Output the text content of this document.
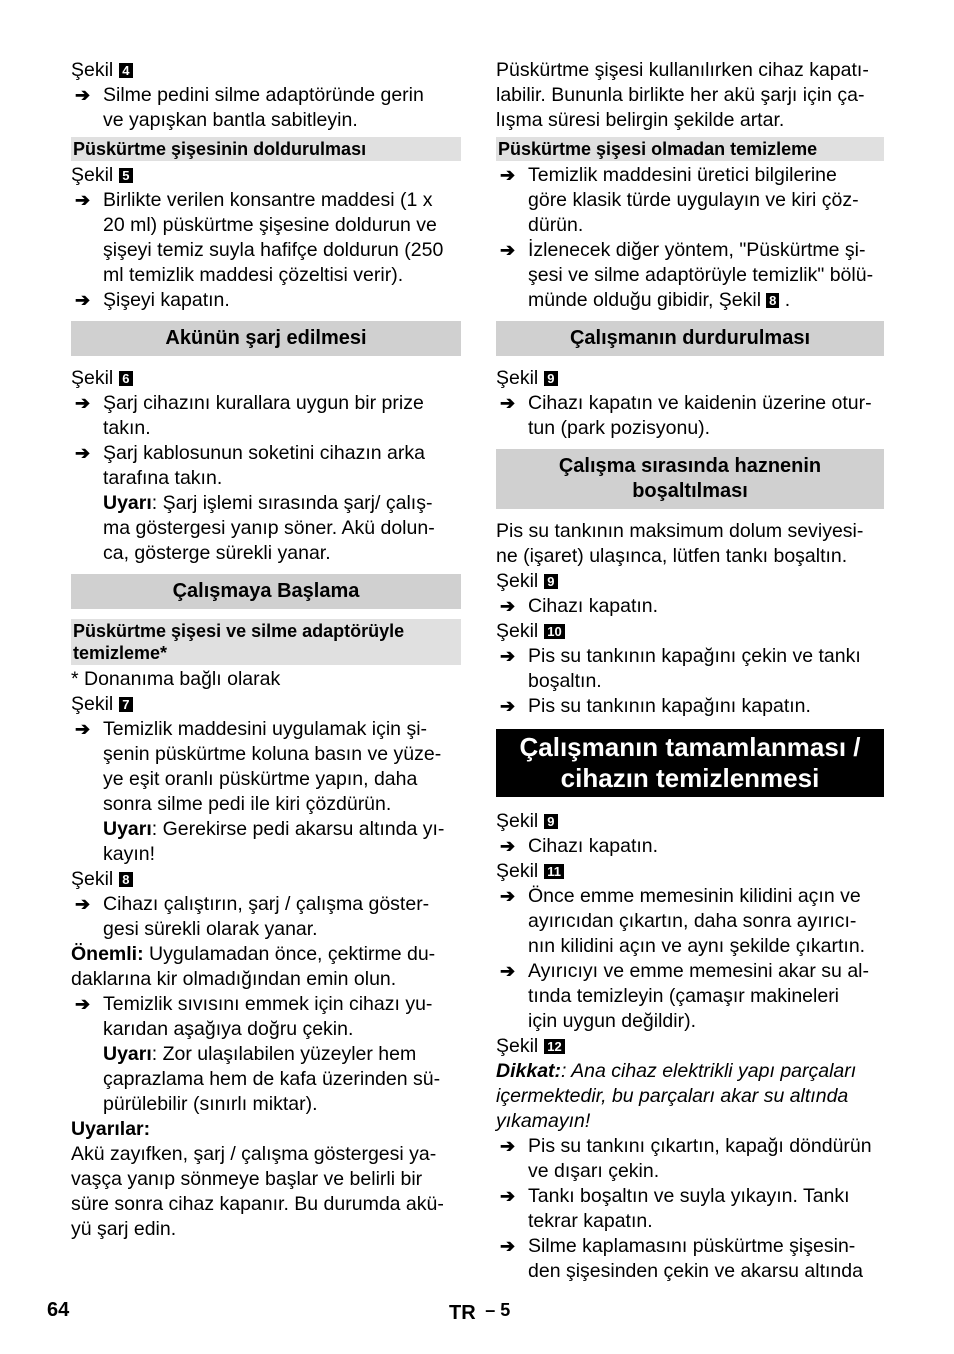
Şekil 4
➔ Silme pedini silme adaptöründe gerin
ve yapışkan bantla sabitleyin.
Püskürtme şişesinin doldurulması
Şekil 5
➔ Birlikte verilen konsantre maddesi (1 x
20 ml) püskürtme şişesine doldurun ve
şişeyi temiz suyla hafifçe doldurun (250
ml temizlik maddesi çözeltisi verir).
➔ Şişeyi kapatın.
Akünün şarj edilmesi
Şekil 6
➔ Şarj cihazını kurallara uygun bir prize
takın.
➔ Şarj kablosunun soketini cihazın arka
tarafına takın.
Uyarı: Şarj işlemi sırasında şarj/ çalış-
ma göstergesi yanıp söner. Akü dolun-
ca, gösterge sürekli yanar.
Çalışmaya Başlama
Püskürtme şişesi ve silme adaptörüyle
temizleme*
* Donanıma bağlı olarak
Şekil 7
➔ Temizlik maddesini uygulamak için şi-
şenin püskürtme koluna basın ve yüze-
ye eşit oranlı püskürtme yapın, daha
sonra silme pedi ile kiri çözdürün.
Uyarı: Gerekirse pedi akarsu altında yı-
kayın!
Şekil 8
➔ Cihazı çalıştırın, şarj / çalışma göster-
gesi sürekli olarak yanar.
Önemli: Uygulamadan önce, çektirme du-
daklarına kir olmadığından emin olun.
➔ Temizlik sıvısını emmek için cihazı yu-
karıdan aşağıya doğru çekin.
Uyarı: Zor ulaşılabilen yüzeyler hem
çaprazlama hem de kafa üzerinden sü-
pürülebilir (sınırlı miktar).
Uyarılar:
Akü zayıfken, şarj / çalışma göstergesi ya-
vaşça yanıp sönmeye başlar ve belirli bir
süre sonra cihaz kapanır. Bu durumda akü-
yü şarj edin.
Püskürtme şişesi kullanılırken cihaz kapatı-
labilir. Bununla birlikte her akü şarjı için ça-
lışma süresi belirgin şekilde artar.
Püskürtme şişesi olmadan temizleme
➔ Temizlik maddesini üretici bilgilerine
göre klasik türde uygulayın ve kiri çöz-
dürün.
➔ İzlenecek diğer yöntem, "Püskürtme şi-
şesi ve silme adaptörüyle temizlik" bölü-
münde olduğu gibidir, Şekil 8 .
Çalışmanın durdurulması
Şekil 9
➔ Cihazı kapatın ve kaidenin üzerine otur-
tun (park pozisyonu).
Çalışma sırasında haznenin
boşaltılması
Pis su tankının maksimum dolum seviyesi-
ne (işaret) ulaşınca, lütfen tankı boşaltın.
Şekil 9
➔ Cihazı kapatın.
Şekil 10
➔ Pis su tankının kapağını çekin ve tankı
boşaltın.
➔ Pis su tankının kapağını kapatın.
Çalışmanın tamamlanması /
cihazın temizlenmesi
Şekil 9
➔ Cihazı kapatın.
Şekil 11
➔ Önce emme memesinin kilidini açın ve
ayırıcıdan çıkartın, daha sonra ayırıcı-
nın kilidini açın ve aynı şekilde çıkartın.
➔ Ayırıcıyı ve emme memesini akar su al-
tında temizleyin (çamaşır makineleri
için uygun değildir).
Şekil 12
Dikkat:: Ana cihaz elektrikli yapı parçaları
içermektedir, bu parçaları akar su altında
yıkamayın!
➔ Pis su tankını çıkartın, kapağı döndürün
ve dışarı çekin.
➔ Tankı boşaltın ve suyla yıkayın. Tankı
tekrar kapatın.
➔ Silme kaplamasını püskürtme şişesin-
den şişesinden çekin ve akarsu altında
64	TR – 5
